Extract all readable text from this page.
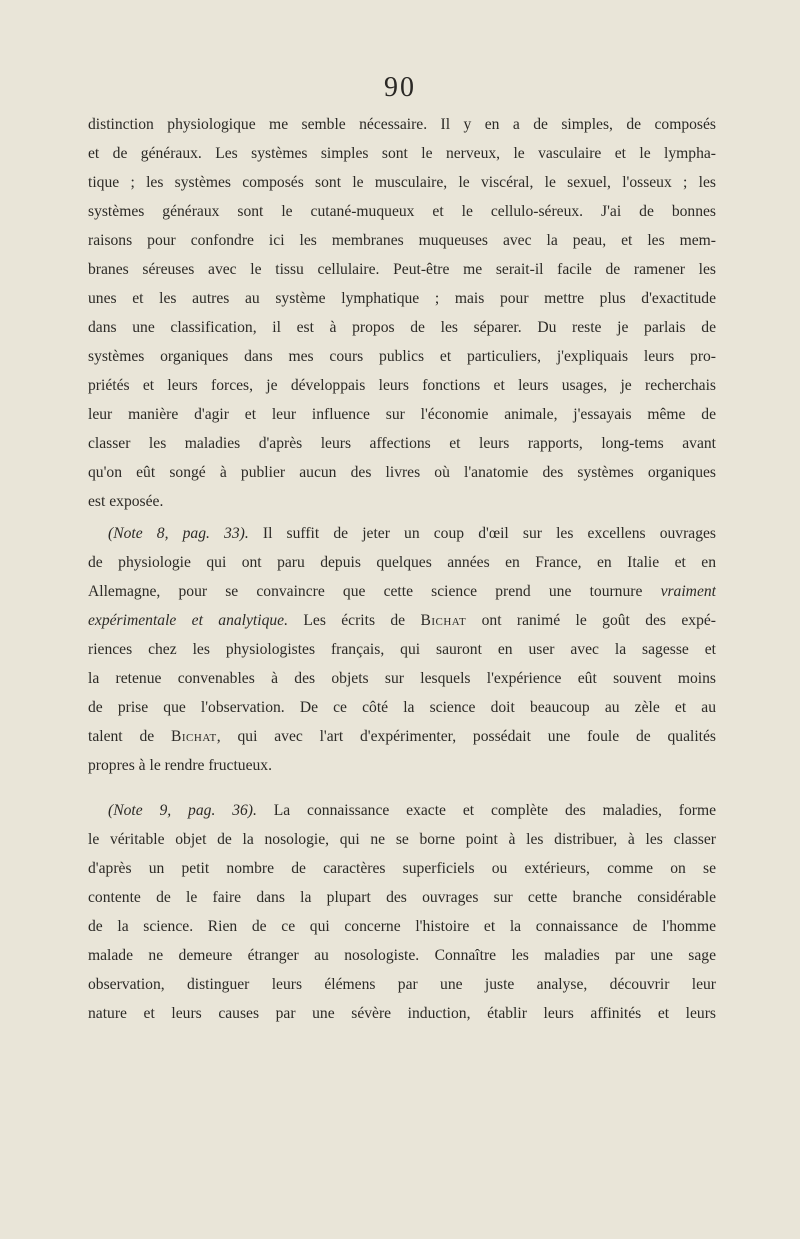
90
distinction physiologique me semble nécessaire. Il y en a de simples, de composés
et de généraux. Les systèmes simples sont le nerveux, le vasculaire et le lympha-
tique ; les systèmes composés sont le musculaire, le viscéral, le sexuel, l'osseux ; les
systèmes généraux sont le cutané-muqueux et le cellulo-séreux. J'ai de bonnes
raisons pour confondre ici les membranes muqueuses avec la peau, et les mem-
branes séreuses avec le tissu cellulaire. Peut-être me serait-il facile de ramener les
unes et les autres au système lymphatique ; mais pour mettre plus d'exactitude
dans une classification, il est à propos de les séparer. Du reste je parlais de
systèmes organiques dans mes cours publics et particuliers, j'expliquais leurs pro-
priétés et leurs forces, je développais leurs fonctions et leurs usages, je recherchais
leur manière d'agir et leur influence sur l'économie animale, j'essayais même de
classer les maladies d'après leurs affections et leurs rapports, long-tems avant
qu'on eût songé à publier aucun des livres où l'anatomie des systèmes organiques
est exposée.
(Note 8, pag. 33). Il suffit de jeter un coup d'œil sur les excellens ouvrages
de physiologie qui ont paru depuis quelques années en France, en Italie et en
Allemagne, pour se convaincre que cette science prend une tournure vraiment
expérimentale et analytique. Les écrits de Bichat ont ranimé le goût des expé-
riences chez les physiologistes français, qui sauront en user avec la sagesse et
la retenue convenables à des objets sur lesquels l'expérience eût souvent moins
de prise que l'observation. De ce côté la science doit beaucoup au zèle et au
talent de Bichat, qui avec l'art d'expérimenter, possédait une foule de qualités
propres à le rendre fructueux.
(Note 9, pag. 36). La connaissance exacte et complète des maladies, forme
le véritable objet de la nosologie, qui ne se borne point à les distribuer, à les classer
d'après un petit nombre de caractères superficiels ou extérieurs, comme on se
contente de le faire dans la plupart des ouvrages sur cette branche considérable
de la science. Rien de ce qui concerne l'histoire et la connaissance de l'homme
malade ne demeure étranger au nosologiste. Connaître les maladies par une sage
observation, distinguer leurs élémens par une juste analyse, découvrir leur
nature et leurs causes par une sévère induction, établir leurs affinités et leurs
